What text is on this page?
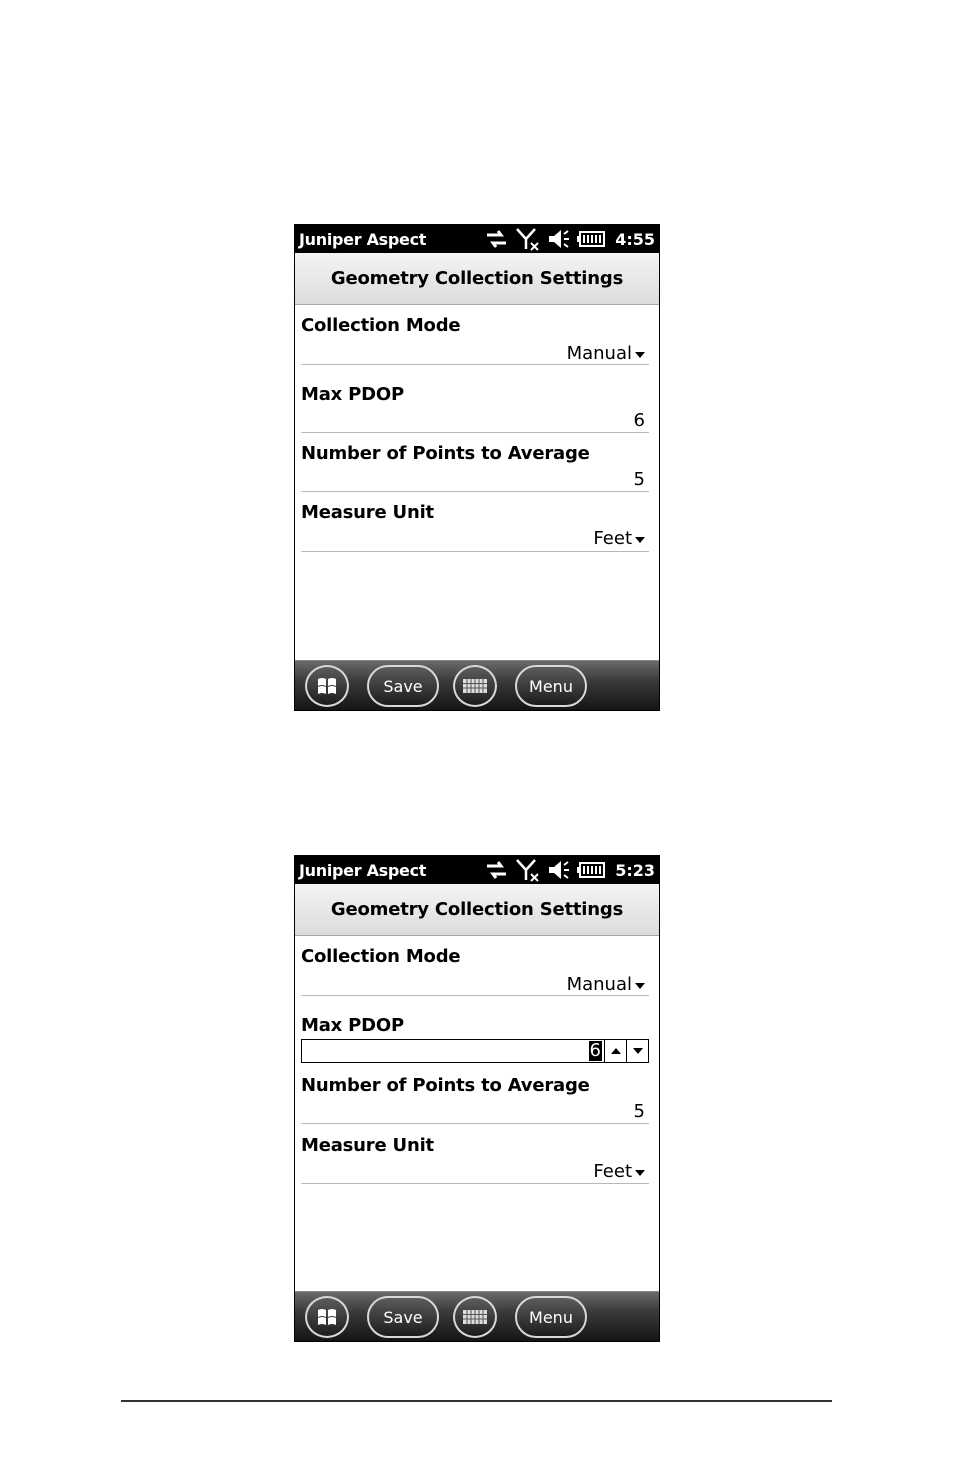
Juniper Aspect	4:55
Geometry Collection Settings
Collection Mode
Manual
Max PDOP
6
Number of Points to Average
5
Measure Unit
Feet
Save	Menu
Juniper Aspect	5:23
Geometry Collection Settings
Collection Mode
Manual
Max PDOP
6
Number of Points to Average
5
Measure Unit
Feet
Save	Menu
